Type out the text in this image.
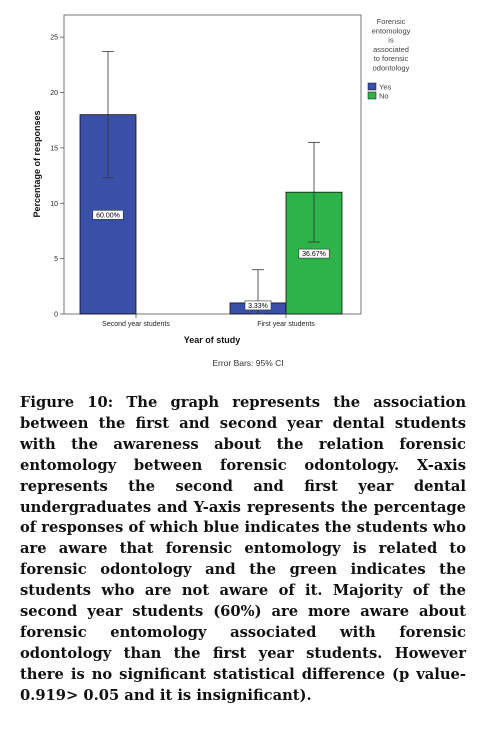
0
5
10
15
20
25
60.00%
3.33%
36.67%
Second year students	First year students
Percentage of responses
Year of study
Error Bars: 95% CI
Forensic
entomology
is
associated
to forensic
odontology
Yes
No

Figure 10: The graph represents the association between the first and second year dental students with the awareness about the relation forensic entomology between forensic odontology. X-axis represents the second and first year dental undergraduates and Y-axis represents the percentage of responses of which blue indicates the students who are aware that forensic entomology is related to forensic odontology and the green indicates the students who are not aware of it. Majority of the second year students (60%) are more aware about forensic entomology associated with forensic odontology than the first year students. However there is no significant statistical difference (p value-0.919> 0.05 and it is insignificant).
